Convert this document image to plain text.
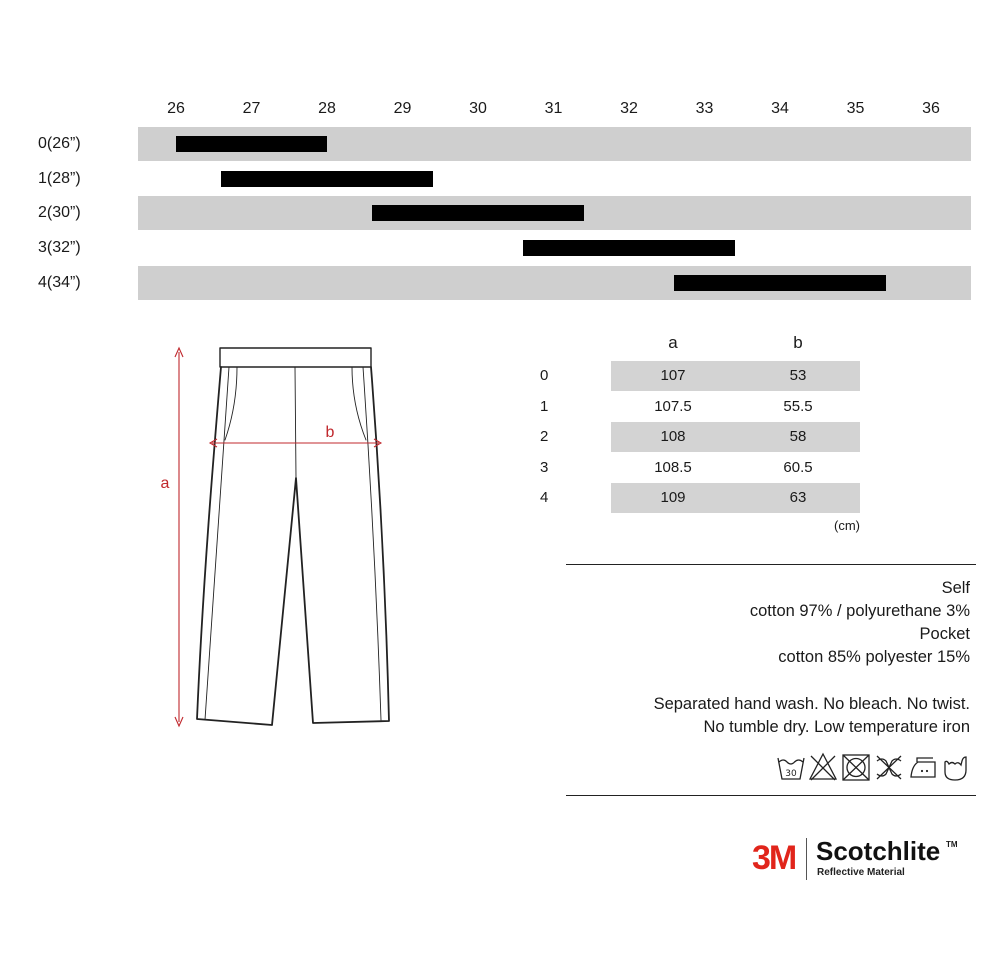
26	27	28	29	30	31	32	33	34	35	36
0(26”)
1(28”)
2(30”)
3(32”)
4(34”)
a
b
a	b
0	107	53
1	107.5	55.5
2	108	58
3	108.5	60.5
4	109	63
(cm)
Self
cotton 97% / polyurethane 3%
Pocket
cotton 85% polyester 15%
Separated hand wash. No bleach. No twist.
No tumble dry. Low temperature iron
30
3M Scotchlite TM
Reflective Material
